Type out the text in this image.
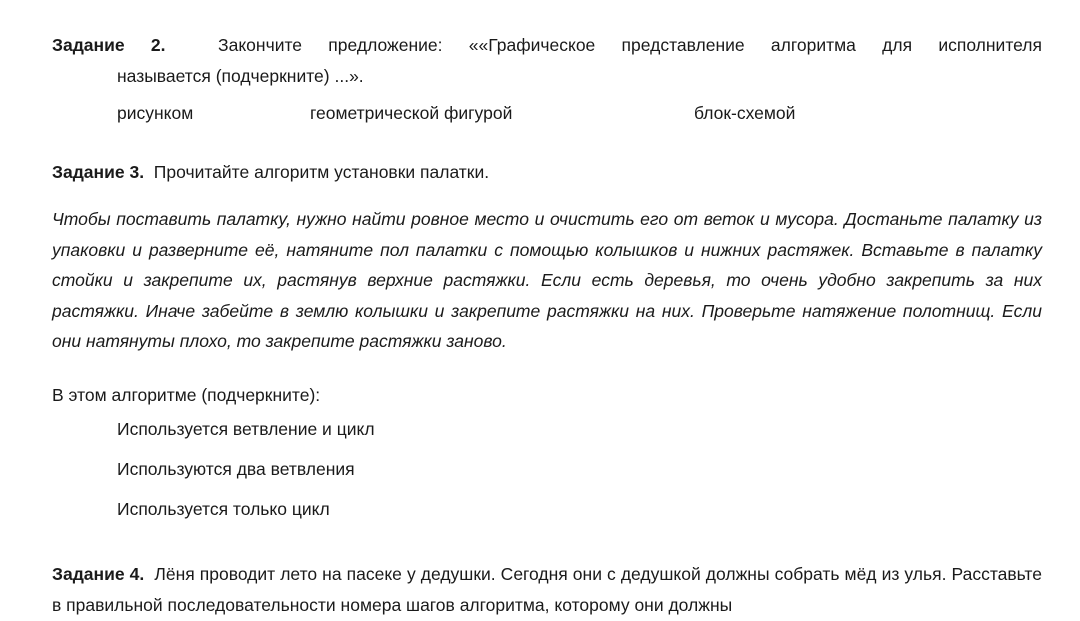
Задание 2.	Закончите предложение: ««Графическое представление алгоритма для исполнителя
называется (подчеркните) ...».
рисунком	геометрической фигурой	блок-схемой
Задание 3. Прочитайте алгоритм установки палатки.
Чтобы поставить палатку, нужно найти ровное место и очистить его от веток и мусора. Достаньте палатку из упаковки и разверните её, натяните пол палатки с помощью колышков и нижних растяжек. Вставьте в палатку стойки и закрепите их, растянув верхние растяжки. Если есть деревья, то очень удобно закрепить за них растяжки. Иначе забейте в землю колышки и закрепите растяжки на них. Проверьте натяжение полотнищ. Если они натянуты плохо, то закрепите растяжки заново.
В этом алгоритме (подчеркните):
Используется ветвление и цикл
Используются два ветвления
Используется только цикл
Задание 4. Лёня проводит лето на пасеке у дедушки. Сегодня они с дедушкой должны собрать мёд из улья. Расставьте в правильной последовательности номера шагов алгоритма, которому они должны
